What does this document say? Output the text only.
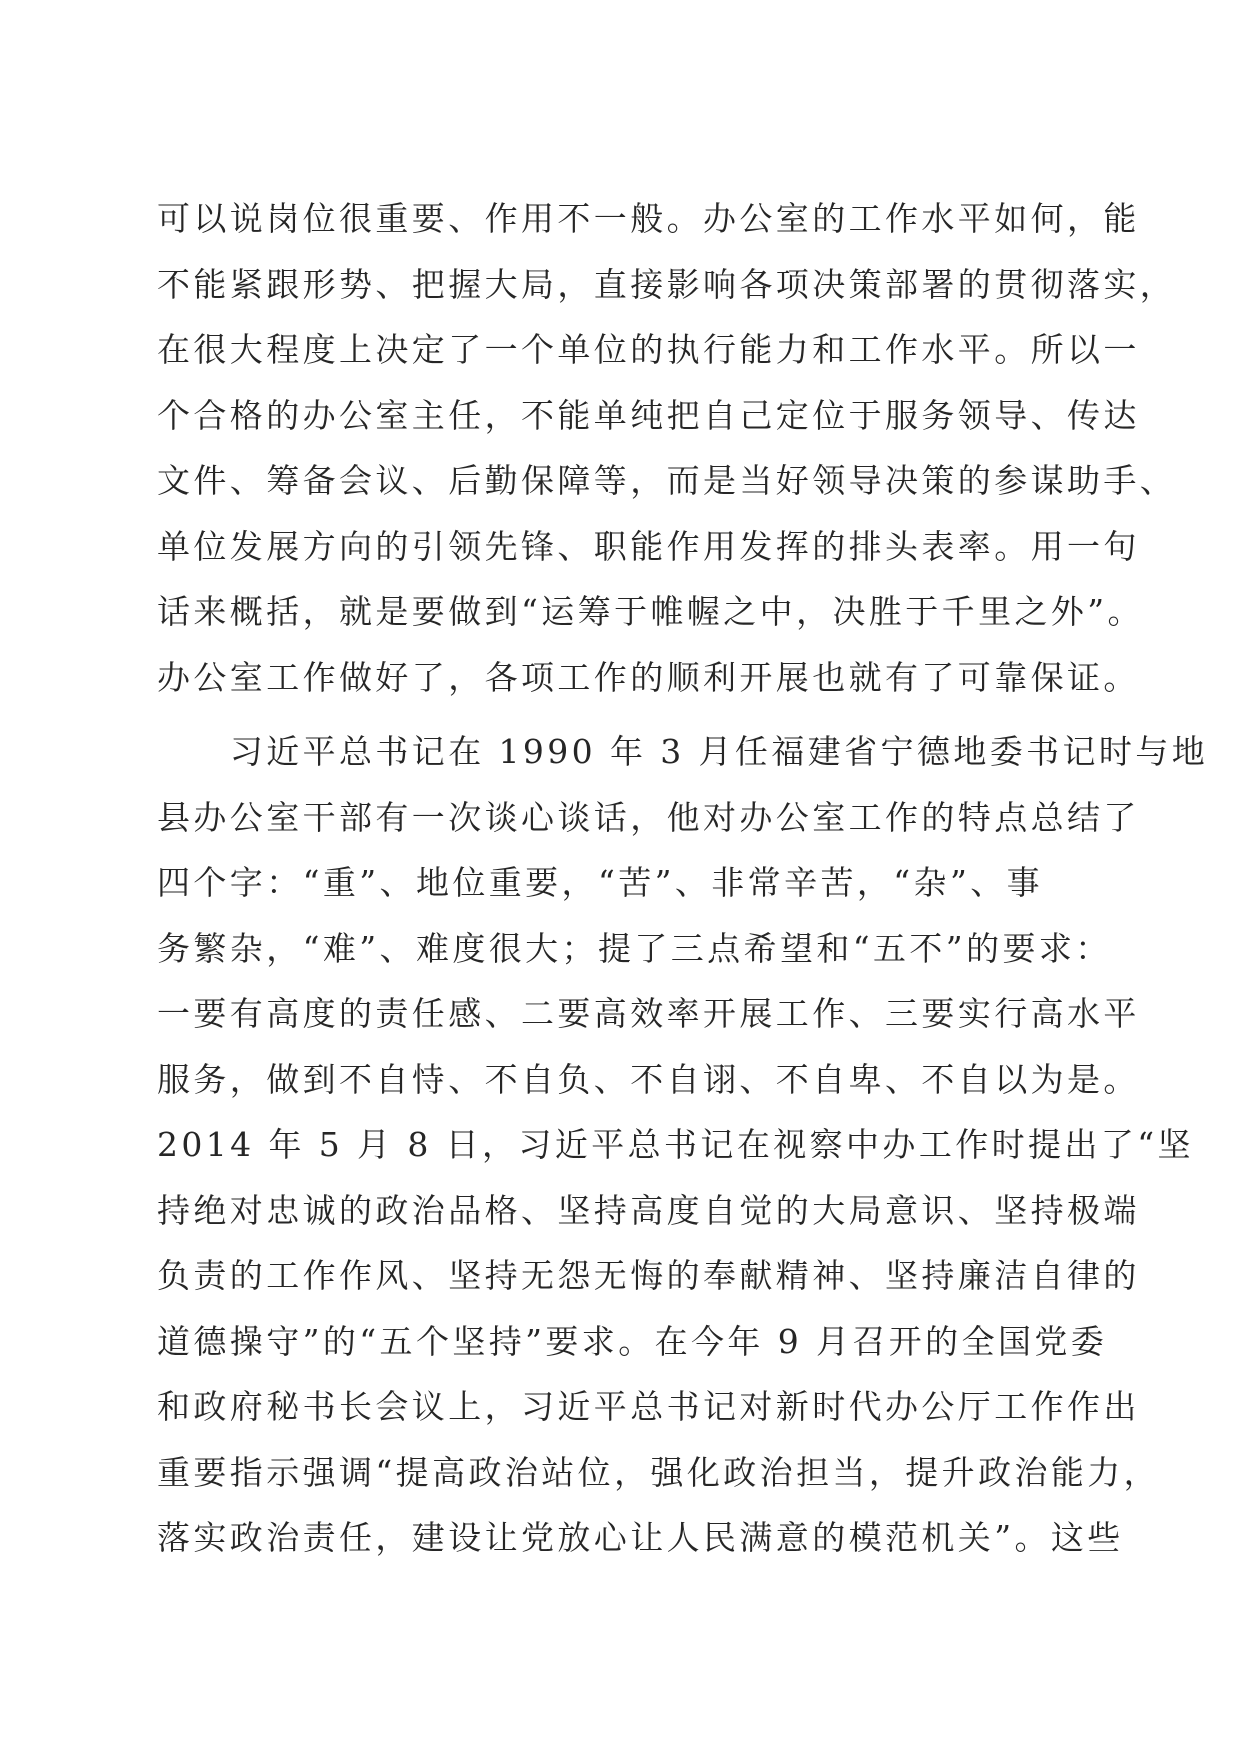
可以说岗位很重要、作用不一般。办公室的工作水平如何，能
不能紧跟形势、把握大局，直接影响各项决策部署的贯彻落实，
在很大程度上决定了一个单位的执行能力和工作水平。所以一
个合格的办公室主任，不能单纯把自己定位于服务领导、传达
文件、筹备会议、后勤保障等，而是当好领导决策的参谋助手、
单位发展方向的引领先锋、职能作用发挥的排头表率。用一句
话来概括，就是要做到“运筹于帷幄之中，决胜于千里之外”。
办公室工作做好了，各项工作的顺利开展也就有了可靠保证。
　　习近平总书记在 1990 年 3 月任福建省宁德地委书记时与地
县办公室干部有一次谈心谈话，他对办公室工作的特点总结了
四个字：“重”、地位重要，“苦”、非常辛苦，“杂”、事
务繁杂，“难”、难度很大；提了三点希望和“五不”的要求：
一要有高度的责任感、二要高效率开展工作、三要实行高水平
服务，做到不自恃、不自负、不自诩、不自卑、不自以为是。
2014 年 5 月 8 日，习近平总书记在视察中办工作时提出了“坚
持绝对忠诚的政治品格、坚持高度自觉的大局意识、坚持极端
负责的工作作风、坚持无怨无悔的奉献精神、坚持廉洁自律的
道德操守”的“五个坚持”要求。在今年 9 月召开的全国党委
和政府秘书长会议上，习近平总书记对新时代办公厅工作作出
重要指示强调“提高政治站位，强化政治担当，提升政治能力，
落实政治责任，建设让党放心让人民满意的模范机关”。这些
